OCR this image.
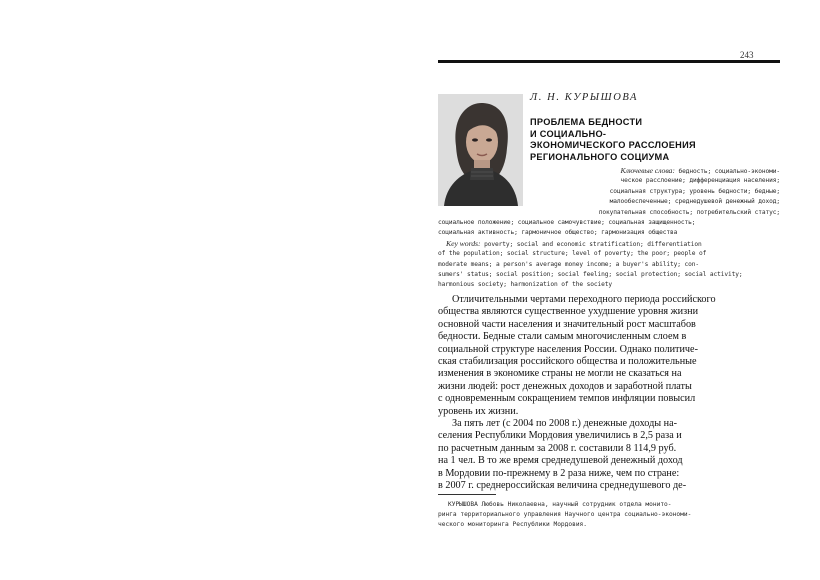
243
Л. Н. КУРЫШОВА
ПРОБЛЕМА БЕДНОСТИ
И СОЦИАЛЬНО-
ЭКОНОМИЧЕСКОГО РАССЛОЕНИЯ
РЕГИОНАЛЬНОГО СОЦИУМА

Ключевые слова: бедность; социально-экономи-

ческое расслоение; дифференциация населения;

социальная структура; уровень бедности; бедные;

малообеспеченные; среднедушевой денежный доход;

покупательная способность; потребительский статус;

социальное положение; социальное самочувствие; социальная защищенность;

социальная активность; гармоничное общество; гармонизация общества

Key words: poverty; social and economic stratification; differentiation

of the population; social structure; level of poverty; the poor; people of

moderate means; a person's average money income; a buyer's ability; con-

sumers' status; social position; social feeling; social protection; social activity;

harmonious society; harmonization of the society

Отличительными чертами переходного периода российского

общества являются существенное ухудшение уровня жизни

основной части населения и значительный рост масштабов

бедности. Бедные стали самым многочисленным слоем в

социальной структуре населения России. Однако политиче-

ская стабилизация российского общества и положительные

изменения в экономике страны не могли не сказаться на

жизни людей: рост денежных доходов и заработной платы

с одновременным сокращением темпов инфляции повысил

уровень их жизни.

За пять лет (с 2004 по 2008 г.) денежные доходы на-

селения Республики Мордовия увеличились в 2,5 раза и

по расчетным данным за 2008 г. составили 8 114,9 руб.

на 1 чел. В то же время среднедушевой денежный доход

в Мордовии по-прежнему в 2 раза ниже, чем по стране:

в 2007 г. среднероссийская величина среднедушевого де-

КУРЫШОВА Любовь Николаевна, научный сотрудник отдела монито-
ринга территориального управления Научного центра социально-экономи-
ческого мониторинга Республики Мордовия.
